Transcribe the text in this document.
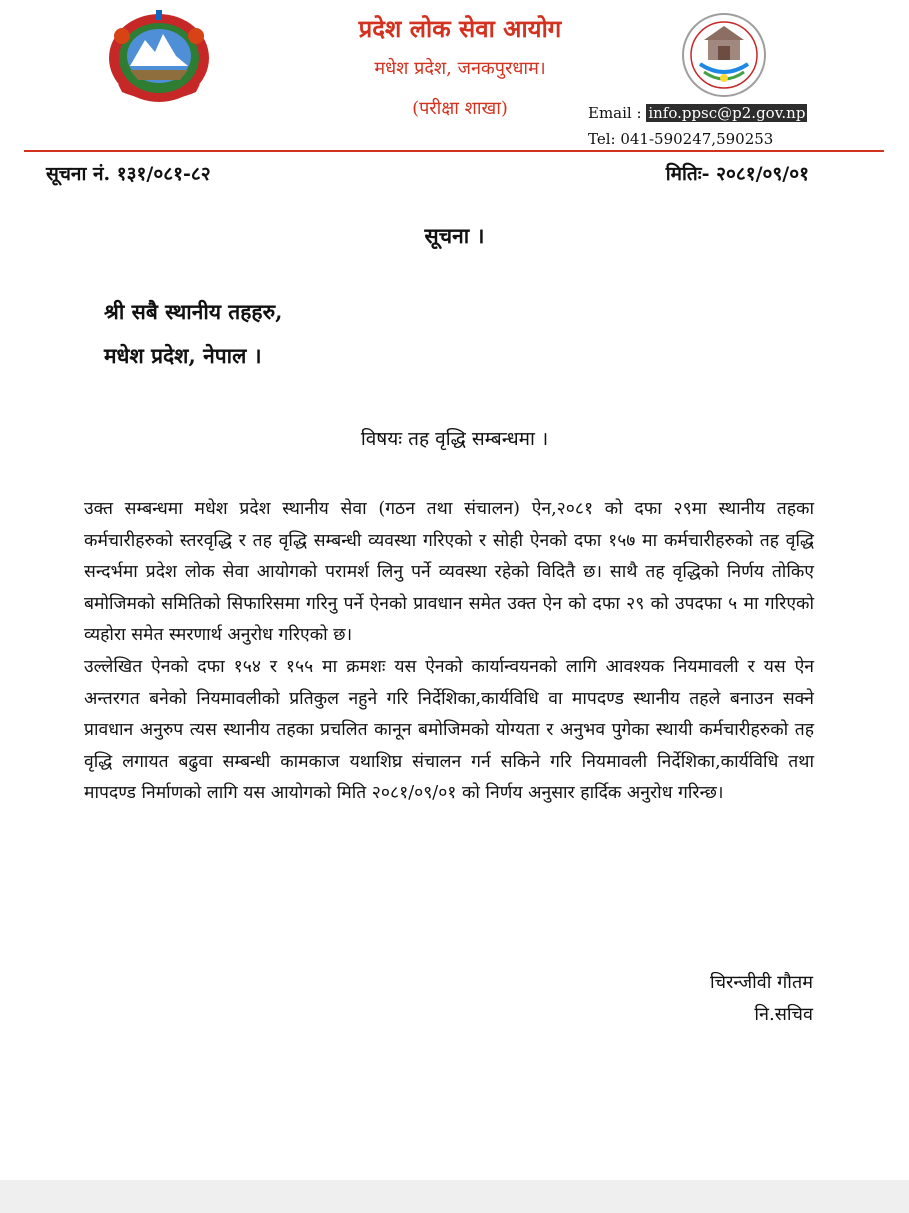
प्रदेश लोक सेवा आयोग
मधेश प्रदेश, जनकपुरधाम।
(परीक्षा शाखा)	Email : info.ppsc@p2.gov.np
Tel: 041-590247,590253
सूचना नं. १३१/०८१-८२	मितिः- २०८१/०९/०१
सूचना ।
श्री सबै स्थानीय तहहरु,
मधेश प्रदेश, नेपाल ।
विषयः तह वृद्धि सम्बन्धमा ।

उक्त सम्बन्धमा मधेश प्रदेश स्थानीय सेवा (गठन तथा संचालन) ऐन,२०८१ को दफा २९मा स्थानीय तहका कर्मचारीहरुको स्तरवृद्धि र तह वृद्धि सम्बन्धी व्यवस्था गरिएको र सोही ऐनको दफा १५७ मा कर्मचारीहरुको तह वृद्धि सन्दर्भमा प्रदेश लोक सेवा आयोगको परामर्श लिनु पर्ने व्यवस्था रहेको विदितै छ। साथै तह वृद्धिको निर्णय तोकिए बमोजिमको समितिको सिफारिसमा गरिनु पर्ने ऐनको प्रावधान समेत उक्त ऐन को दफा २९ को उपदफा ५ मा गरिएको व्यहोरा समेत स्मरणार्थ अनुरोध गरिएको छ।

उल्लेखित ऐनको दफा १५४ र १५५ मा क्रमशः यस ऐनको कार्यान्वयनको लागि आवश्यक नियमावली र यस ऐन अन्तरगत बनेको नियमावलीको प्रतिकुल नहुने गरि निर्देशिका,कार्यविधि वा मापदण्ड स्थानीय तहले बनाउन सक्ने प्रावधान अनुरुप त्यस स्थानीय तहका प्रचलित कानून बमोजिमको योग्यता र अनुभव पुगेका स्थायी कर्मचारीहरुको तह वृद्धि लगायत बढुवा सम्बन्धी कामकाज यथाशिघ्र संचालन गर्न सकिने गरि नियमावली निर्देशिका,कार्यविधि तथा मापदण्ड निर्माणको लागि यस आयोगको मिति २०८१/०९/०१ को निर्णय अनुसार हार्दिक अनुरोध गरिन्छ।

चिरन्जीवी गौतम
नि.सचिव
